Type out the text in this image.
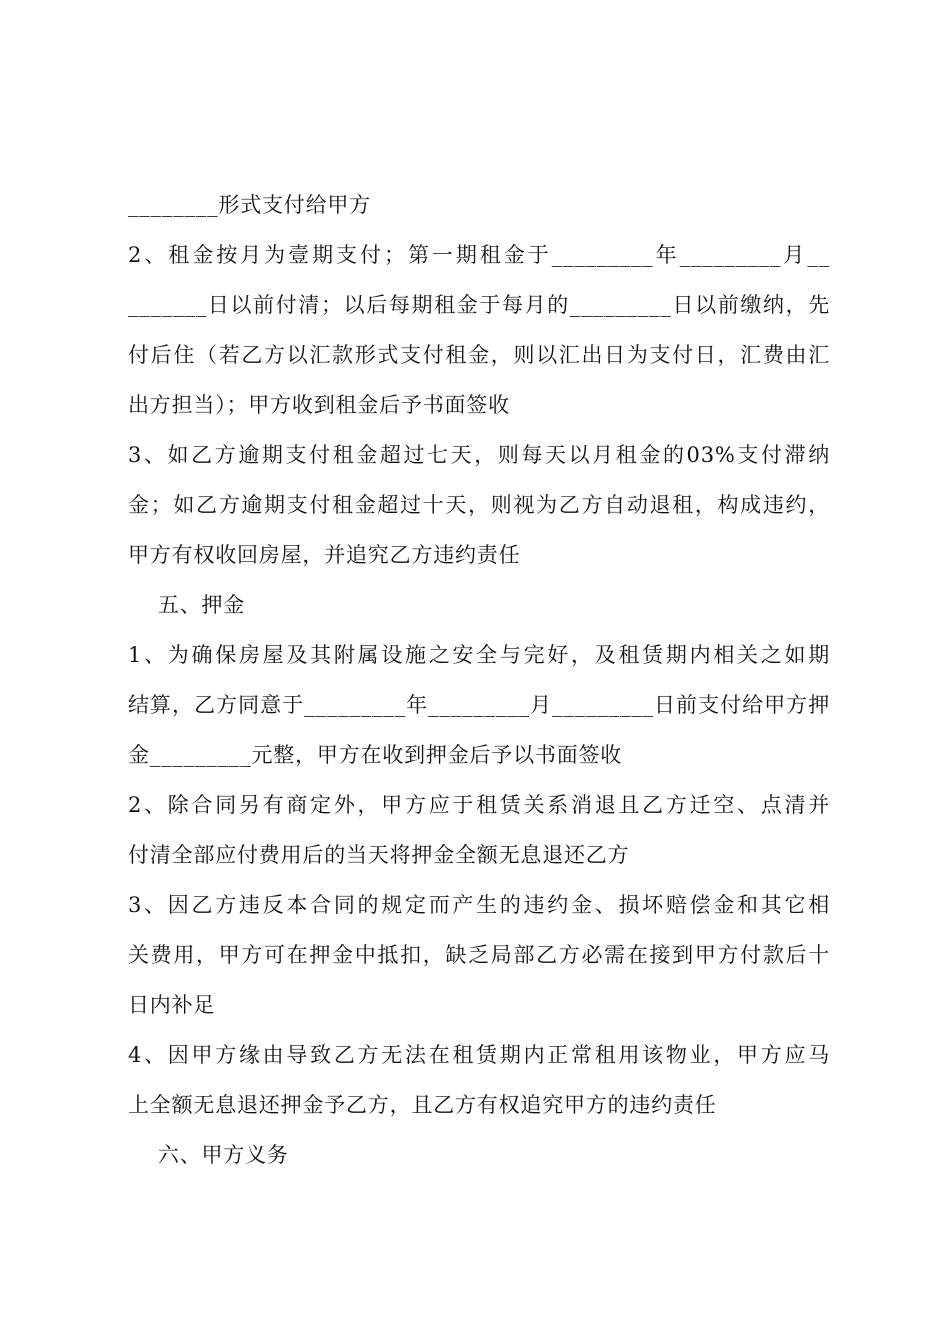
________形式支付给甲方

2、租金按月为壹期支付；第一期租金于_________年_________月__

_______日以前付清；以后每期租金于每月的_________日以前缴纳，先

付后住（若乙方以汇款形式支付租金，则以汇出日为支付日，汇费由汇

出方担当）；甲方收到租金后予书面签收

3、如乙方逾期支付租金超过七天，则每天以月租金的03%支付滞纳

金；如乙方逾期支付租金超过十天，则视为乙方自动退租，构成违约，

甲方有权收回房屋，并追究乙方违约责任

五、押金

1、为确保房屋及其附属设施之安全与完好，及租赁期内相关之如期

结算，乙方同意于_________年_________月_________日前支付给甲方押

金_________元整，甲方在收到押金后予以书面签收

2、除合同另有商定外，甲方应于租赁关系消退且乙方迁空、点清并

付清全部应付费用后的当天将押金全额无息退还乙方

3、因乙方违反本合同的规定而产生的违约金、损坏赔偿金和其它相

关费用，甲方可在押金中抵扣，缺乏局部乙方必需在接到甲方付款后十

日内补足

4、因甲方缘由导致乙方无法在租赁期内正常租用该物业，甲方应马

上全额无息退还押金予乙方，且乙方有权追究甲方的违约责任

六、甲方义务
